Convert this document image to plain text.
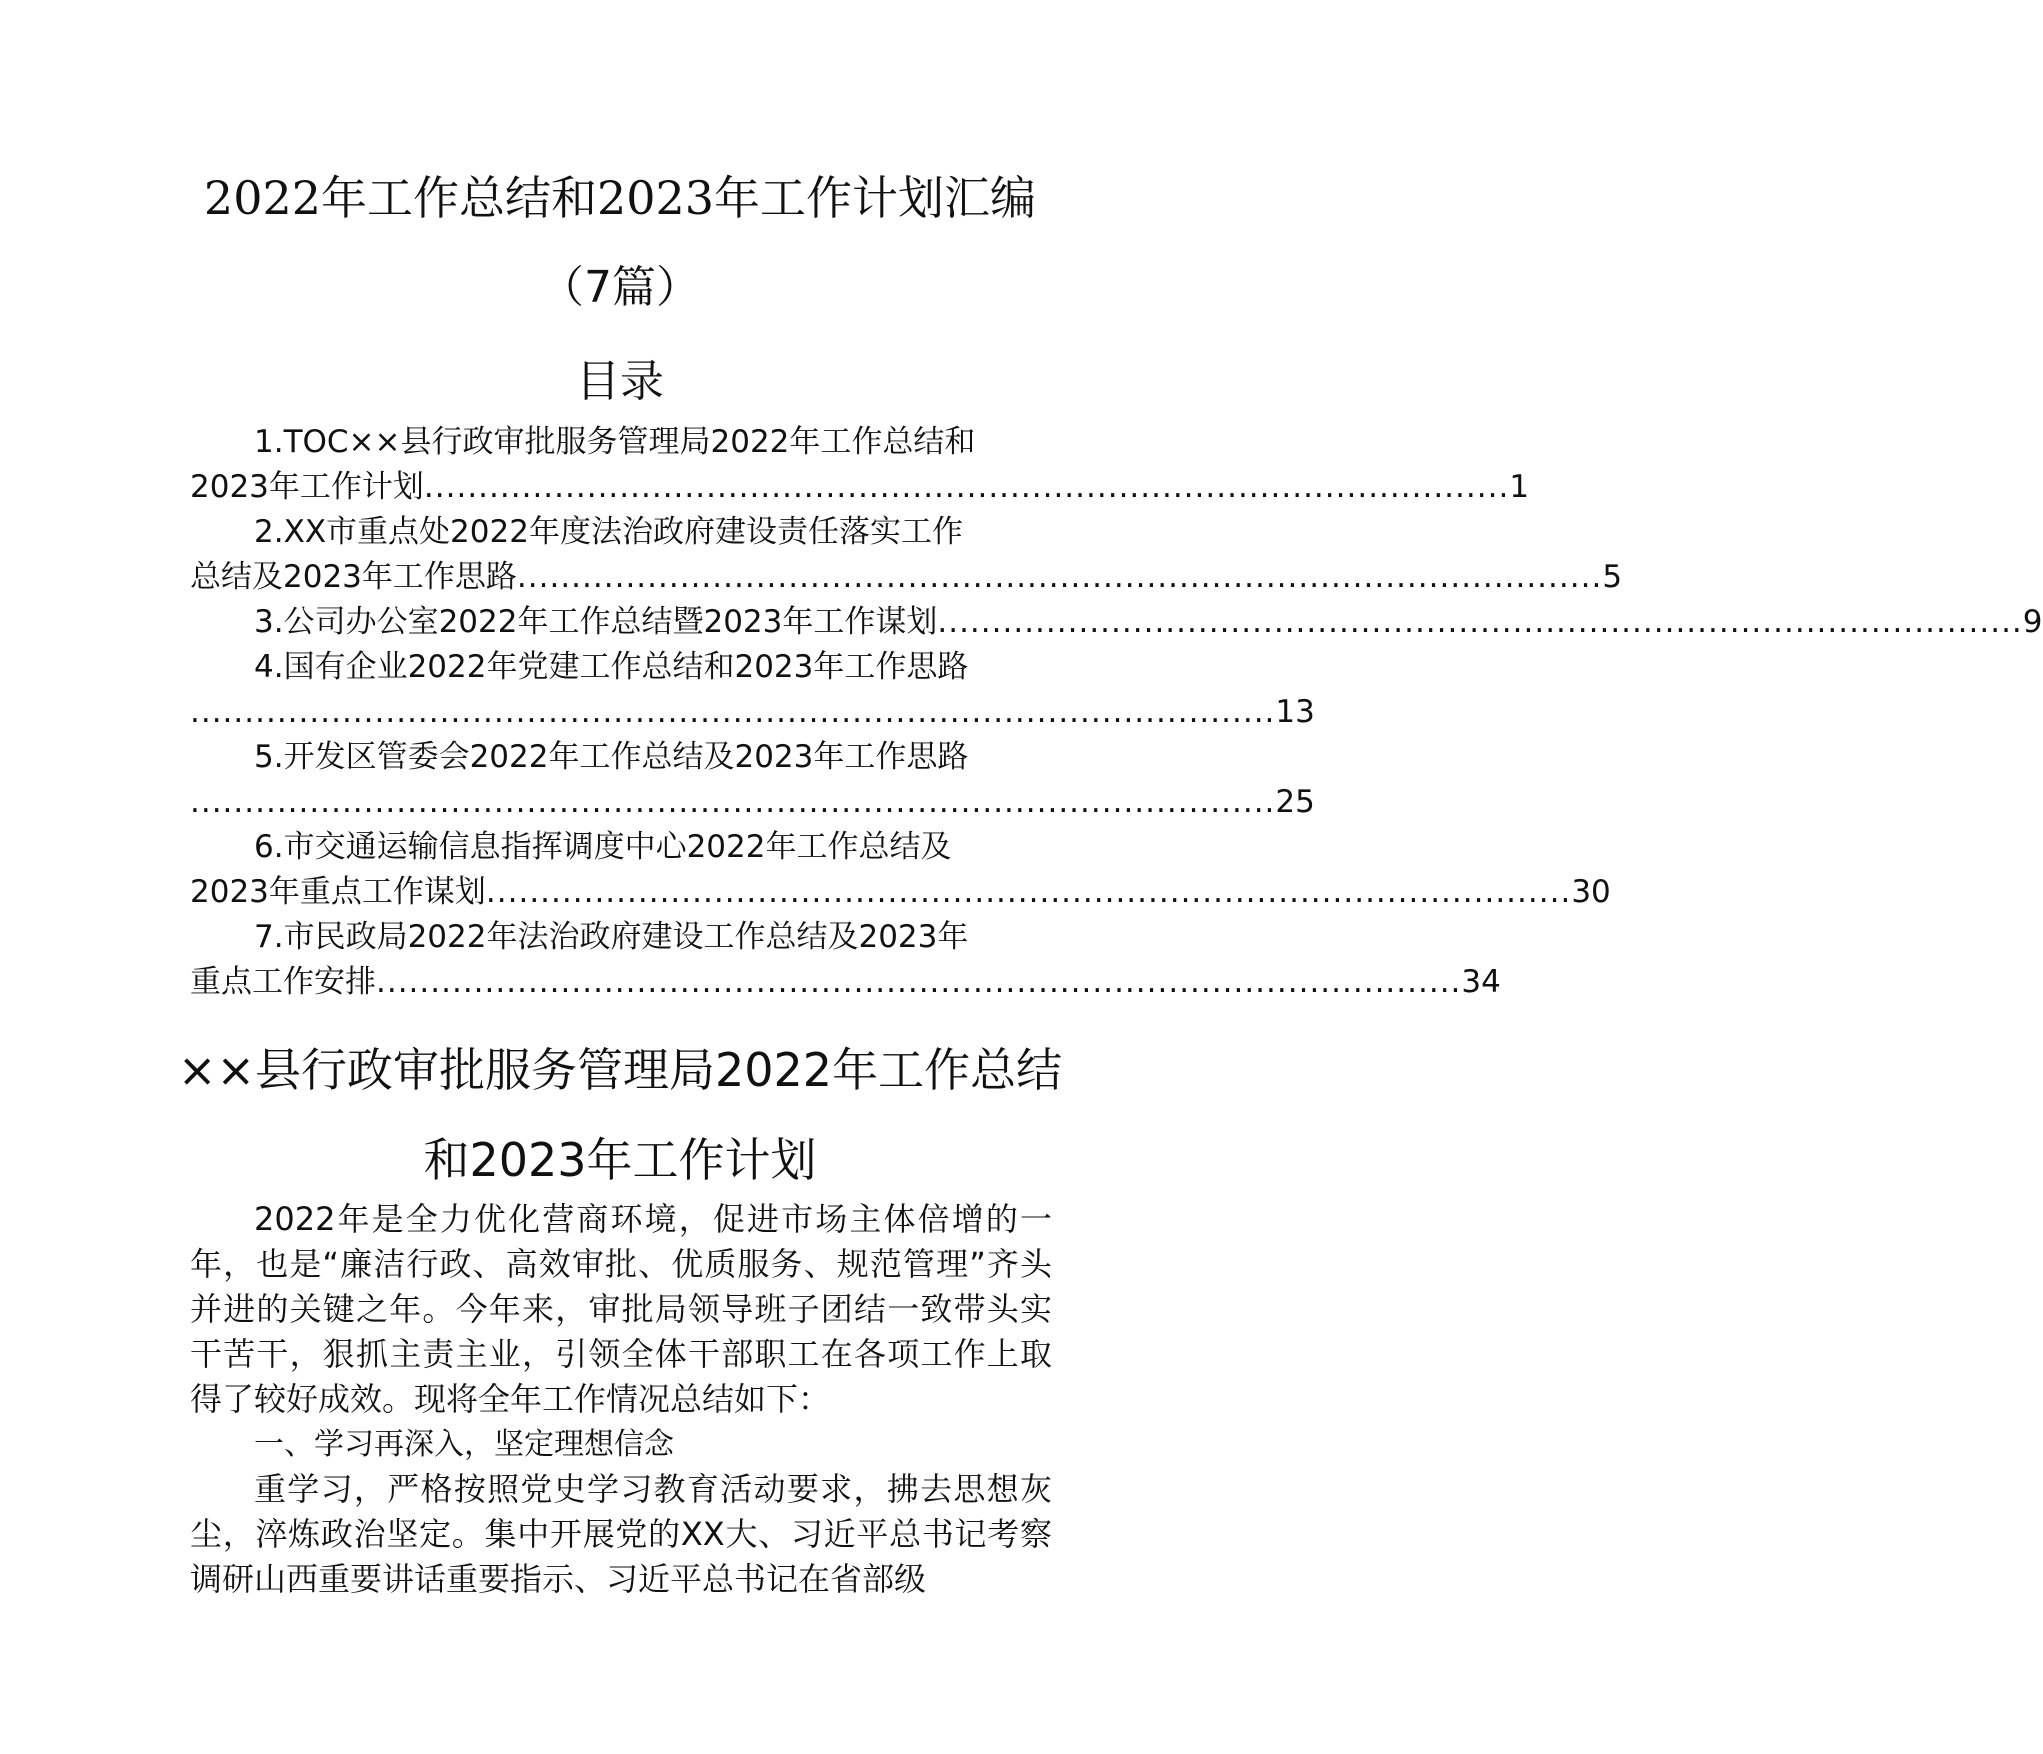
2022年工作总结和2023年工作计划汇编
（7篇）
目录
1.TOC××县行政审批服务管理局2022年工作总结和
2023年工作计划 .................................................................................................... 1
2.XX市重点处2022年度法治政府建设责任落实工作
总结及2023年工作思路 .................................................................................................... 5
3.公司办公室2022年工作总结暨2023年工作谋划 .................................................................................................... 9
4.国有企业2022年党建工作总结和2023年工作思路
.................................................................................................... 13
5.开发区管委会2022年工作总结及2023年工作思路
.................................................................................................... 25
6.市交通运输信息指挥调度中心2022年工作总结及
2023年重点工作谋划 .................................................................................................... 30
7.市民政局2022年法治政府建设工作总结及2023年
重点工作安排 .................................................................................................... 34
××县行政审批服务管理局2022年工作总结
和2023年工作计划

2022年是全力优化营商环境，促进市场主体倍增的一年，也是“廉洁行政、高效审批、优质服务、规范管理”齐头并进的关键之年。今年来，审批局领导班子团结一致带头实干苦干，狠抓主责主业，引领全体干部职工在各项工作上取得了较好成效。现将全年工作情况总结如下：

一、学习再深入，坚定理想信念

重学习，严格按照党史学习教育活动要求，拂去思想灰尘，淬炼政治坚定。集中开展党的XX大、习近平总书记考察调研山西重要讲话重要指示、习近平总书记在省部级
